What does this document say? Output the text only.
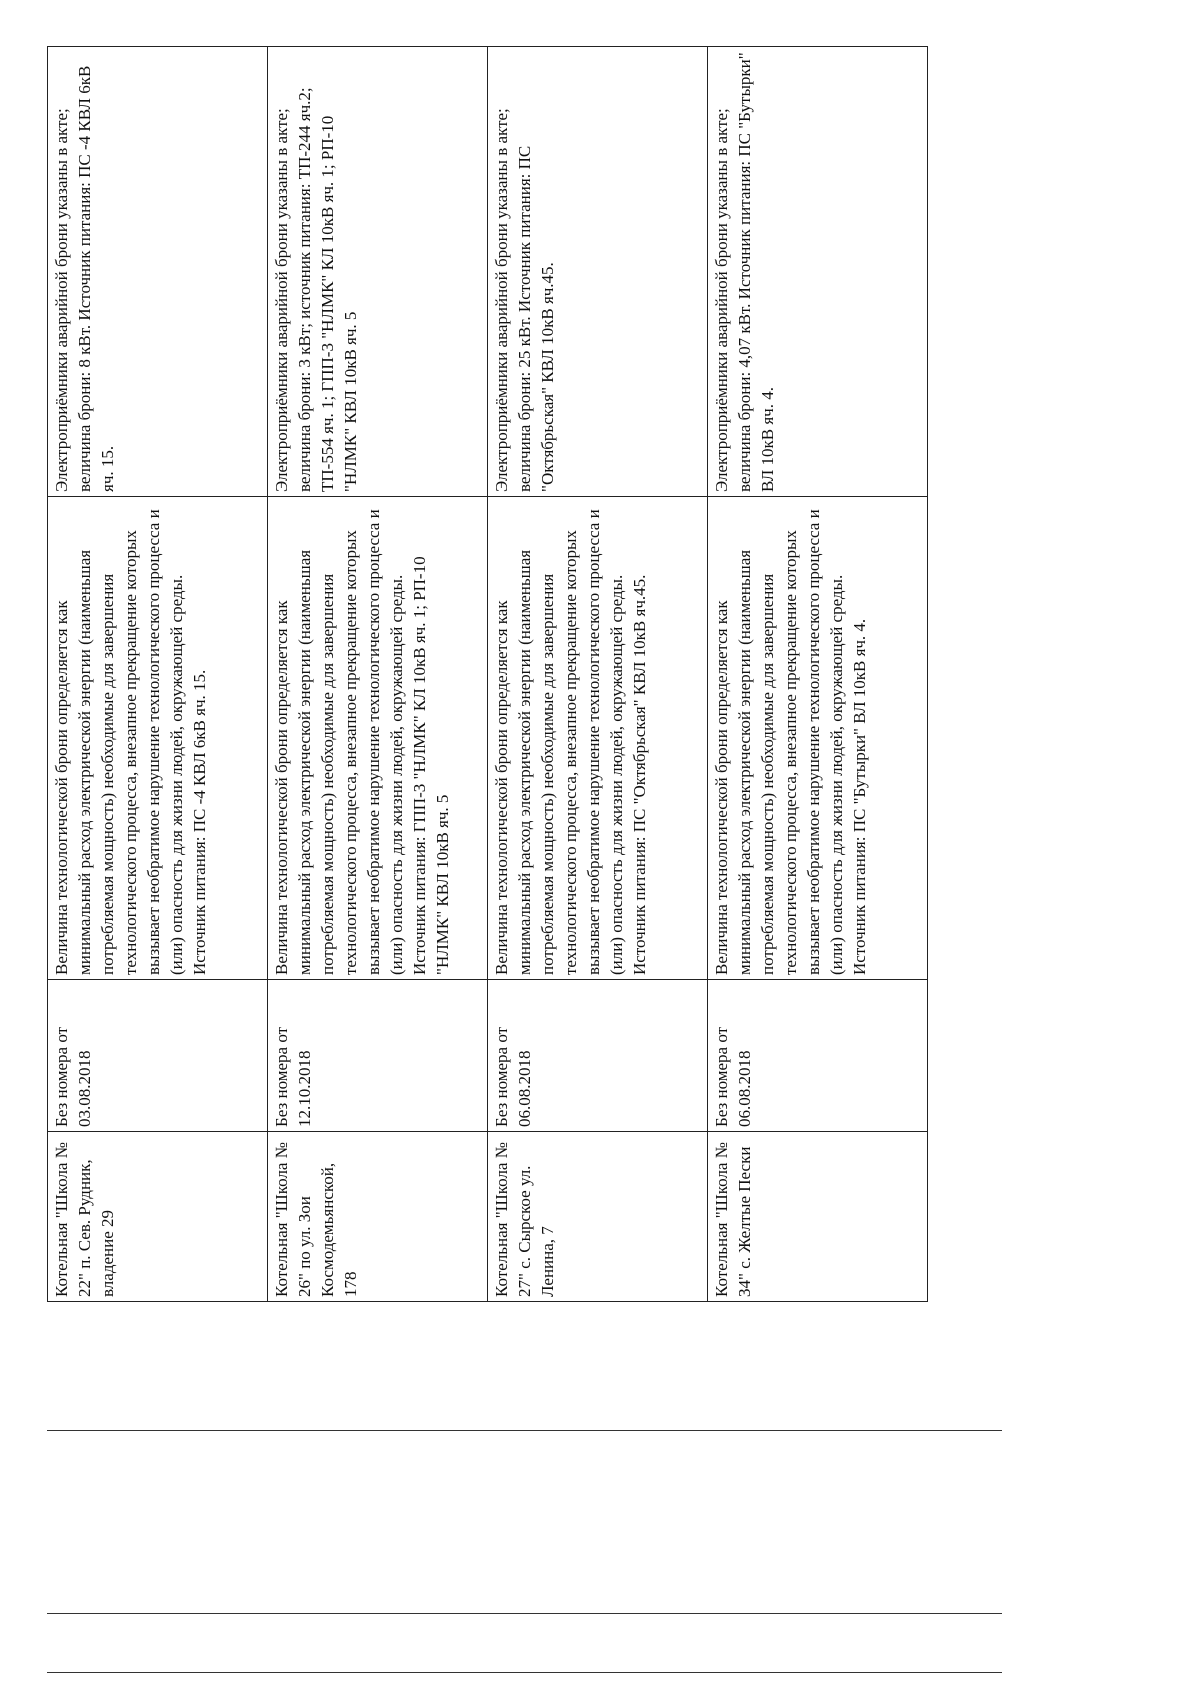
Котельная "Школа № 22" п. Сев. Рудник, владение 29	Без номера от 03.08.2018	Величина технологической брони определяется как минимальный расход электрической энергии (наименьшая потребляемая мощность) необходимые для завершения технологического процесса, внезапное прекращение которых вызывает необратимое нарушение технологического процесса и (или) опасность для жизни людей, окружающей среды. Источник питания: ПС -4 КВЛ 6кВ яч. 15.	Электроприёмники аварийной брони указаны в акте; величина брони: 8 кВт. Источник питания: ПС -4 КВЛ 6кВ яч. 15.
Котельная "Школа № 26" по ул. Зои Космодемьянской, 178	Без номера от 12.10.2018	Величина технологической брони определяется как минимальный расход электрической энергии (наименьшая потребляемая мощность) необходимые для завершения технологического процесса, внезапное прекращение которых вызывает необратимое нарушение технологического процесса и (или) опасность для жизни людей, окружающей среды. Источник питания: ГПП-3 "НЛМК" КЛ 10кВ яч. 1; РП-10 "НЛМК" КВЛ 10кВ яч. 5	Электроприёмники аварийной брони указаны в акте; величина брони: 3 кВт; источник питания: ТП-244 яч.2; ТП-554 яч. 1; ГПП-3 "НЛМК" КЛ 10кВ яч. 1; РП-10 "НЛМК" КВЛ 10кВ яч. 5
Котельная "Школа № 27" с. Сырское ул. Ленина, 7	Без номера от 06.08.2018	Величина технологической брони определяется как минимальный расход электрической энергии (наименьшая потребляемая мощность) необходимые для завершения технологического процесса, внезапное прекращение которых вызывает необратимое нарушение технологического процесса и (или) опасность для жизни людей, окружающей среды. Источник питания: ПС "Октябрьская" КВЛ 10кВ яч.45.	Электроприёмники аварийной брони указаны в акте; величина брони: 25 кВт. Источник питания: ПС "Октябрьская" КВЛ 10кВ яч.45.
Котельная "Школа № 34" с. Желтые Пески	Без номера от 06.08.2018	Величина технологической брони определяется как минимальный расход электрической энергии (наименьшая потребляемая мощность) необходимые для завершения технологического процесса, внезапное прекращение которых вызывает необратимое нарушение технологического процесса и (или) опасность для жизни людей, окружающей среды. Источник питания: ПС "Бутырки" ВЛ 10кВ яч. 4.	Электроприёмники аварийной брони указаны в акте; величина брони: 4,07 кВт. Источник питания: ПС "Бутырки" ВЛ 10кВ яч. 4.
